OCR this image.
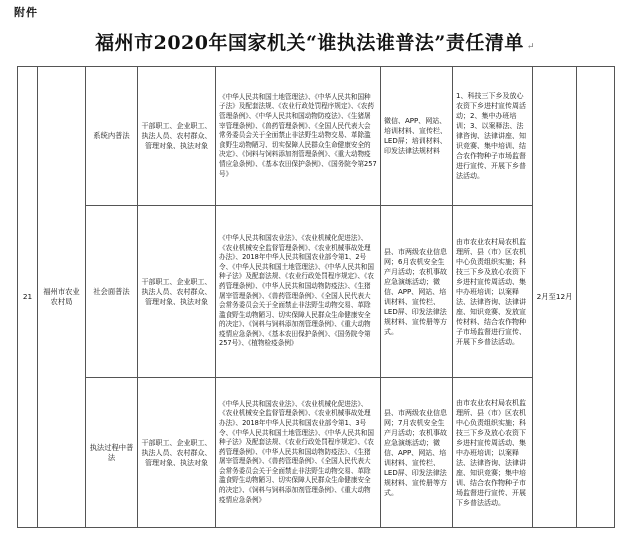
附件
福州市2020年国家机关“谁执法谁普法”责任清单 ↵
21	福州市农业农村局	系统内普法	干部职工、企业职工、执法人员、农村群众、管理对象、执法对象	《中华人民共和国土地管理法》、《中华人民共和国种子法》及配套法规、《农业行政处罚程序规定》、《农药管理条例》、《中华人民共和国动物防疫法》、《生猪屠宰管理条例》、《兽药管理条例》、《全国人民代表大会常务委员会关于全面禁止非法野生动物交易、革除滥食野生动物陋习、切实保障人民群众生命健康安全的决定》、《饲料与饲料添加剂管理条例》、《重大动物疫情应急条例》、《基本农田保护条例》、《国务院令第257号》	微信、APP、网站、培训材料、宣传栏、LED屏；培训材料、印发法律法规材料	1、科技三下乡及放心农资下乡进村宣传周活动；2、集中办班培训；3、以案释法、法律咨询、法律讲座、知识竞赛、集中培训、结合农作物种子市场监督进行宣传、开展下乡普法活动。	2月至12月	
		社会面普法	干部职工、企业职工、执法人员、农村群众、管理对象、执法对象	《中华人民共和国农业法》、《农业机械化促进法》、《农业机械安全监督管理条例》、《农业机械事故处理办法》、2018年中华人民共和国农业部令第1、2号令、《中华人民共和国土地管理法》、《中华人民共和国种子法》及配套法规、《农业行政处罚程序规定》、《农药管理条例》、《中华人民共和国动物防疫法》、《生猪屠宰管理条例》、《兽药管理条例》、《全国人民代表大会常务委员会关于全面禁止非法野生动物交易、革除滥食野生动物陋习、切实保障人民群众生命健康安全的决定》、《饲料与饲料添加剂管理条例》、《重大动物疫情应急条例》、《基本农田保护条例》、《国务院令第257号》、《植物检疫条例》	县、市两级农业信息网；6月农机安全生产月活动；农机事故应急演练活动；微信、APP、网站、培训材料、宣传栏、LED屏、印发法律法规材料、宣传册等方式。	由市农业农村局农机监理所、县（市）区农机中心负责组织实施；科技三下乡及放心农资下乡进村宣传周活动、集中办班培训；以案释法、法律咨询、法律讲座、知识竞赛、发放宣传材料、结合农作物种子市场监督进行宣传、开展下乡普法活动。		
		执法过程中普法	干部职工、企业职工、执法人员、农村群众、管理对象、执法对象	《中华人民共和国农业法》、《农业机械化促进法》、《农业机械安全监督管理条例》、《农业机械事故处理办法》、2018年中华人民共和国农业部令第1、3号令、《中华人民共和国土地管理法》、《中华人民共和国种子法》及配套法规、《农业行政处罚程序规定》、《农药管理条例》、《中华人民共和国动物防疫法》、《生猪屠宰管理条例》、《兽药管理条例》、《全国人民代表大会常务委员会关于全面禁止非法野生动物交易、革除滥食野生动物陋习、切实保障人民群众生命健康安全的决定》、《饲料与饲料添加剂管理条例》、《重大动物疫情应急条例》	县、市两级农业信息网；7月农机安全生产月活动；农机事故应急演练活动；微信、APP、网站、培训材料、宣传栏、LED屏、印发法律法规材料、宣传册等方式。	由市农业农村局农机监理所、县（市）区农机中心负责组织实施；科技三下乡及放心农资下乡进村宣传周活动、集中办班培训；以案释法、法律咨询、法律讲座、知识竞赛；集中培训、结合农作物种子市场监督进行宣传、开展下乡普法活动。		
